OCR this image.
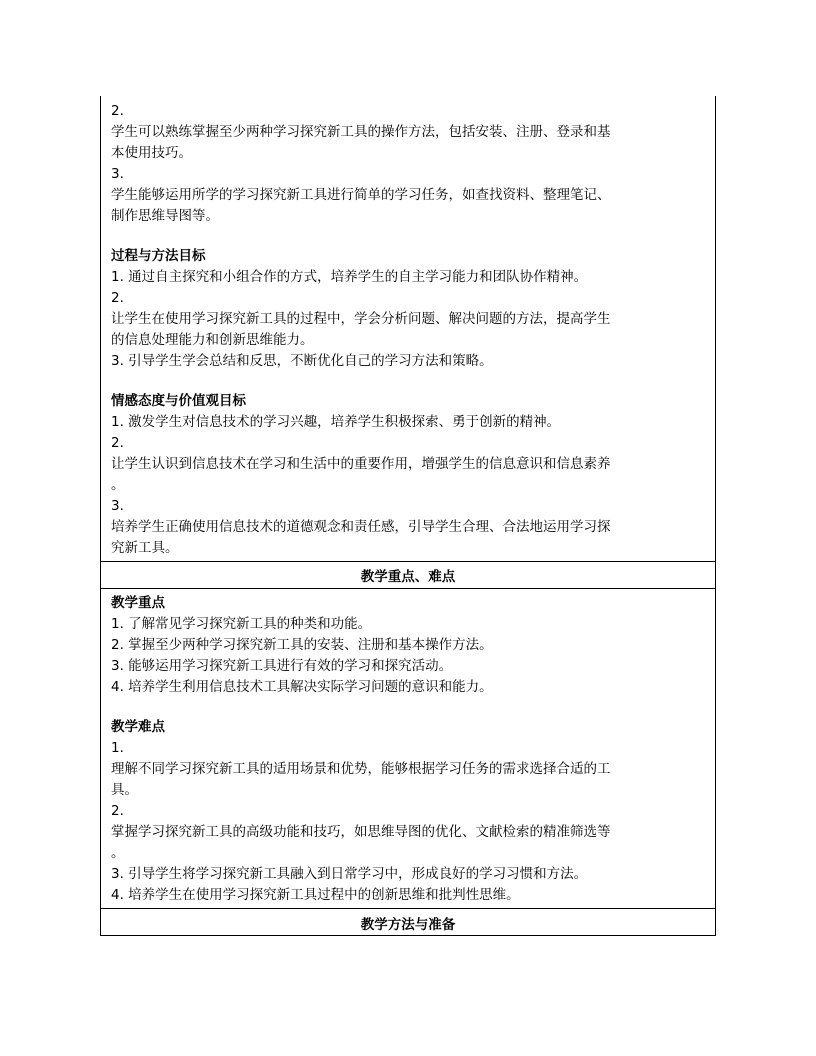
2.
学生可以熟练掌握至少两种学习探究新工具的操作方法，包括安装、注册、登录和基
本使用技巧。
3.
学生能够运用所学的学习探究新工具进行简单的学习任务，如查找资料、整理笔记、
制作思维导图等。
过程与方法目标
1. 通过自主探究和小组合作的方式，培养学生的自主学习能力和团队协作精神。
2.
让学生在使用学习探究新工具的过程中，学会分析问题、解决问题的方法，提高学生
的信息处理能力和创新思维能力。
3. 引导学生学会总结和反思，不断优化自己的学习方法和策略。
情感态度与价值观目标
1. 激发学生对信息技术的学习兴趣，培养学生积极探索、勇于创新的精神。
2.
让学生认识到信息技术在学习和生活中的重要作用，增强学生的信息意识和信息素养
。
3.
培养学生正确使用信息技术的道德观念和责任感，引导学生合理、合法地运用学习探
究新工具。
教学重点、难点
教学重点
1. 了解常见学习探究新工具的种类和功能。
2. 掌握至少两种学习探究新工具的安装、注册和基本操作方法。
3. 能够运用学习探究新工具进行有效的学习和探究活动。
4. 培养学生利用信息技术工具解决实际学习问题的意识和能力。
教学难点
1.
理解不同学习探究新工具的适用场景和优势，能够根据学习任务的需求选择合适的工
具。
2.
掌握学习探究新工具的高级功能和技巧，如思维导图的优化、文献检索的精准筛选等
。
3. 引导学生将学习探究新工具融入到日常学习中，形成良好的学习习惯和方法。
4. 培养学生在使用学习探究新工具过程中的创新思维和批判性思维。
教学方法与准备
